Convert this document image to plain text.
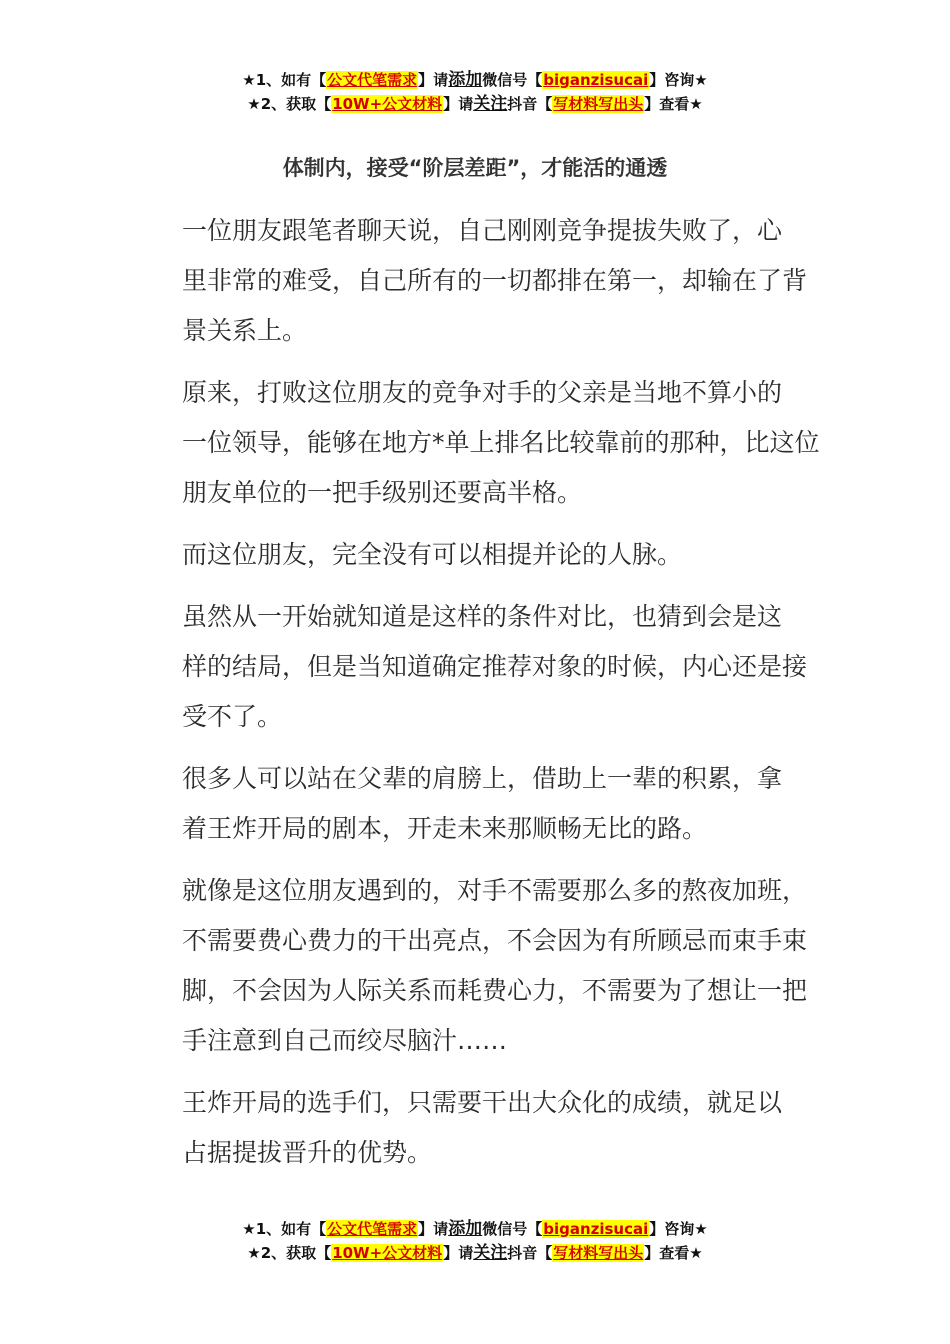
★1、如有【公文代笔需求】请添加微信号【biganzisucai】咨询★
★2、获取【10W+公文材料】请关注抖音【写材料写出头】查看★
体制内，接受“阶层差距”，才能活的通透

一位朋友跟笔者聊天说，自己刚刚竞争提拔失败了，心
里非常的难受，自己所有的一切都排在第一，却输在了背
景关系上。

原来，打败这位朋友的竞争对手的父亲是当地不算小的
一位领导，能够在地方*单上排名比较靠前的那种，比这位
朋友单位的一把手级别还要高半格。

而这位朋友，完全没有可以相提并论的人脉。

虽然从一开始就知道是这样的条件对比，也猜到会是这
样的结局，但是当知道确定推荐对象的时候，内心还是接
受不了。

很多人可以站在父辈的肩膀上，借助上一辈的积累，拿
着王炸开局的剧本，开走未来那顺畅无比的路。

就像是这位朋友遇到的，对手不需要那么多的熬夜加班，
不需要费心费力的干出亮点，不会因为有所顾忌而束手束
脚，不会因为人际关系而耗费心力，不需要为了想让一把
手注意到自己而绞尽脑汁……

王炸开局的选手们，只需要干出大众化的成绩，就足以
占据提拔晋升的优势。

★1、如有【公文代笔需求】请添加微信号【biganzisucai】咨询★
★2、获取【10W+公文材料】请关注抖音【写材料写出头】查看★
